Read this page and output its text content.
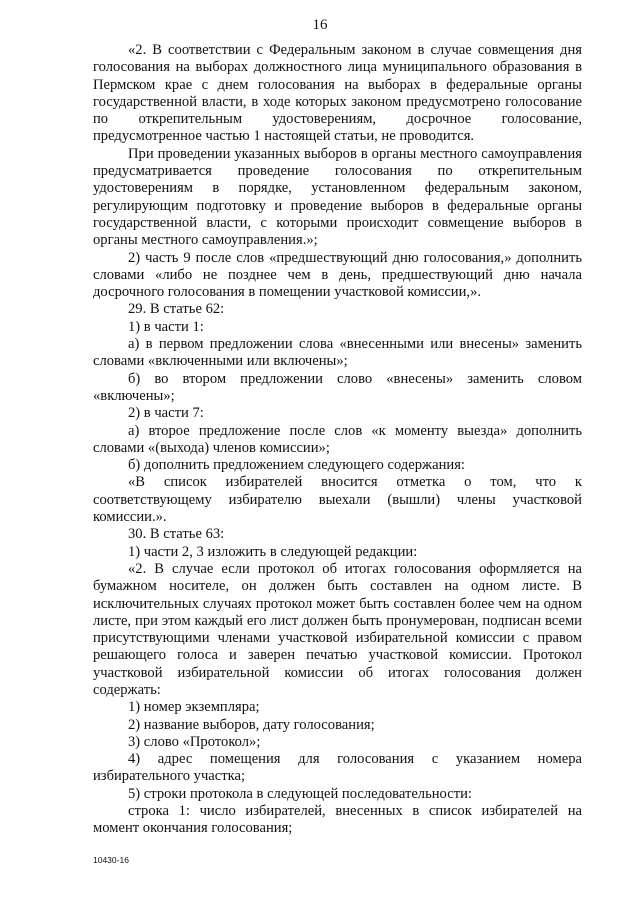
16

«2. В соответствии с Федеральным законом в случае совмещения дня голосования на выборах должностного лица муниципального образования в Пермском крае с днем голосования на выборах в федеральные органы государственной власти, в ходе которых законом предусмотрено голосование по открепительным удостоверениям, досрочное голосование, предусмотренное частью 1 настоящей статьи, не проводится.

При проведении указанных выборов в органы местного самоуправления предусматривается проведение голосования по открепительным удостоверениям в порядке, установленном федеральным законом, регулирующим подготовку и проведение выборов в федеральные органы государственной власти, с которыми происходит совмещение выборов в органы местного самоуправления.»;

2) часть 9 после слов «предшествующий дню голосования,» дополнить словами «либо не позднее чем в день, предшествующий дню начала досрочного голосования в помещении участковой комиссии,».

29. В статье 62:

1) в части 1:

а) в первом предложении слова «внесенными или внесены» заменить словами «включенными или включены»;

б) во втором предложении слово «внесены» заменить словом «включены»;

2) в части 7:

а) второе предложение после слов «к моменту выезда» дополнить словами «(выхода) членов комиссии»;

б) дополнить предложением следующего содержания:

«В список избирателей вносится отметка о том, что к соответствующему избирателю выехали (вышли) члены участковой комиссии.».

30. В статье 63:

1) части 2, 3 изложить в следующей редакции:

«2. В случае если протокол об итогах голосования оформляется на бумажном носителе, он должен быть составлен на одном листе. В исключительных случаях протокол может быть составлен более чем на одном листе, при этом каждый его лист должен быть пронумерован, подписан всеми присутствующими членами участковой избирательной комиссии с правом решающего голоса и заверен печатью участковой комиссии. Протокол участковой избирательной комиссии об итогах голосования должен содержать:

1) номер экземпляра;

2) название выборов, дату голосования;

3) слово «Протокол»;

4) адрес помещения для голосования с указанием номера избирательного участка;

5) строки протокола в следующей последовательности:

строка 1: число избирателей, внесенных в список избирателей на момент окончания голосования;

10430-16
